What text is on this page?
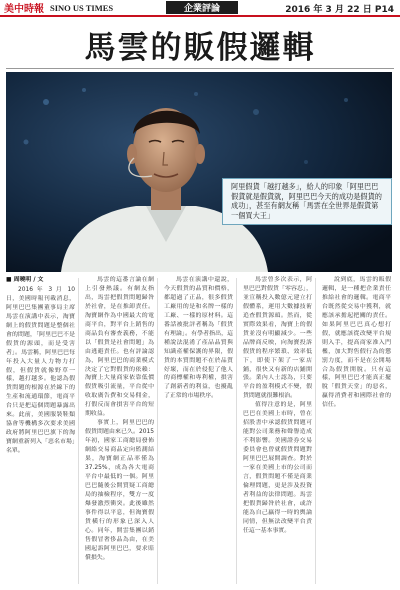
美中時報 SINO US TIMES	企業評論	2016 年 3 月 22 日 P14
馬雲的販假邏輯
阿里假貨「越打越多」，給人的印象「阿里巴巴假貨就是假貨就，阿里巴巴今天的成功是假貨的成功」，甚至有網友稱「馬雲在全世界是假貨第一個買大王」

■ 周曉明 / 文

2016 年 3 月 10 日，美國時報刊載消息，阿里巴巴集團董事局主席馬雲在演講中表示，淘寶網上的假貨問題是整個社會的問題，「阿里巴巴不是假貨的源頭，而是受害者」。馬雲稱，阿里巴巴每年投入大量人力物力打假，但假貨就像野草一樣，越打越多。他認為假貨問題的根源在於線下的生產和流通環節，電商平台只是把這個問題暴露出來。此前，美國服裝鞋類協會等機構多次要求美國政府將阿里巴巴旗下的淘寶網重新列入「惡名市場」名單。

馬雲的這番言論在網上引發熱議。有網友指出，馬雲把假貨問題歸咎於社會，是在推卸責任。淘寶網作為中國最大的電商平台，對平台上銷售的商品負有審查義務，不能以「假貨是社會問題」為由逃避責任。也有評論認為，阿里巴巴的商業模式決定了它對假貨的依賴：淘寶上大量商家依靠低價假貨吸引流量，平台從中收取廣告費和交易佣金，打假反而會損害平台的短期收益。

事實上，阿里巴巴的假貨問題由來已久。2015 年初，國家工商總局發佈網絡交易商品定向監測結果，淘寶網正品率僅為 37.25%，成為各大電商平台中最低的一個。阿里巴巴隨後公開質疑工商總局的抽檢程序，雙方一度爆發激烈衝突。此後雖然事件得以平息，但淘寶假貨橫行的形象已深入人心。同年，開雲集團以銷售假冒奢侈品為由，在美國起訴阿里巴巴，要求賠償損失。

馬雲在演講中還說，今天假貨的品質和價格，都超過了正品，很多假貨工廠用的是和名牌一樣的工廠、一樣的原材料。這番話被批評者稱為「假貨有理論」。有學者指出，這種說法混淆了產品品質與知識產權保護的界限，假貨的本質問題不在於品質好壞，而在於侵犯了他人的商標權和專利權，損害了創新者的利益，也擾亂了正常的市場秩序。

馬雲曾多次表示，阿里巴巴對假貨「零容忍」，並宣稱投入數億元建立打假體系，運用大數據技術追查假貨源頭。然而，從實際效果看，淘寶上的假貨並沒有明顯減少。一些品牌商反映，向淘寶投訴假貨的程序繁瑣、效率低下，即使下架了一家店鋪，很快又有新的店鋪開張。業內人士認為，只要平台的盈利模式不變，假貨問題就很難根治。

值得注意的是，阿里巴巴在美國上市時，曾在招股書中承認假貨問題可能對公司業務和聲譽造成不利影響。美國證券交易委員會也曾就假貨問題對阿里巴巴展開調查。對於一家在美國上市的公司而言，假貨問題不僅是商業倫理問題，更是涉及投資者利益的法律問題。馬雲把假貨歸咎於社會，或許能為自己贏得一時的輿論同情，但無法改變平台責任這一基本事實。

說到底，馬雲的販假邏輯，是一種把企業責任推給社會的邏輯。電商平台既然從交易中獲利，就應該承擔起把關的責任。如果阿里巴巴真心想打假，就應該從改變平台規則入手，提高商家准入門檻，加大對售假行為的懲罰力度，而不是在公開場合為假貨開脫。只有這樣，阿里巴巴才能真正擺脫「假貨天堂」的惡名，贏得消費者和國際社會的信任。
